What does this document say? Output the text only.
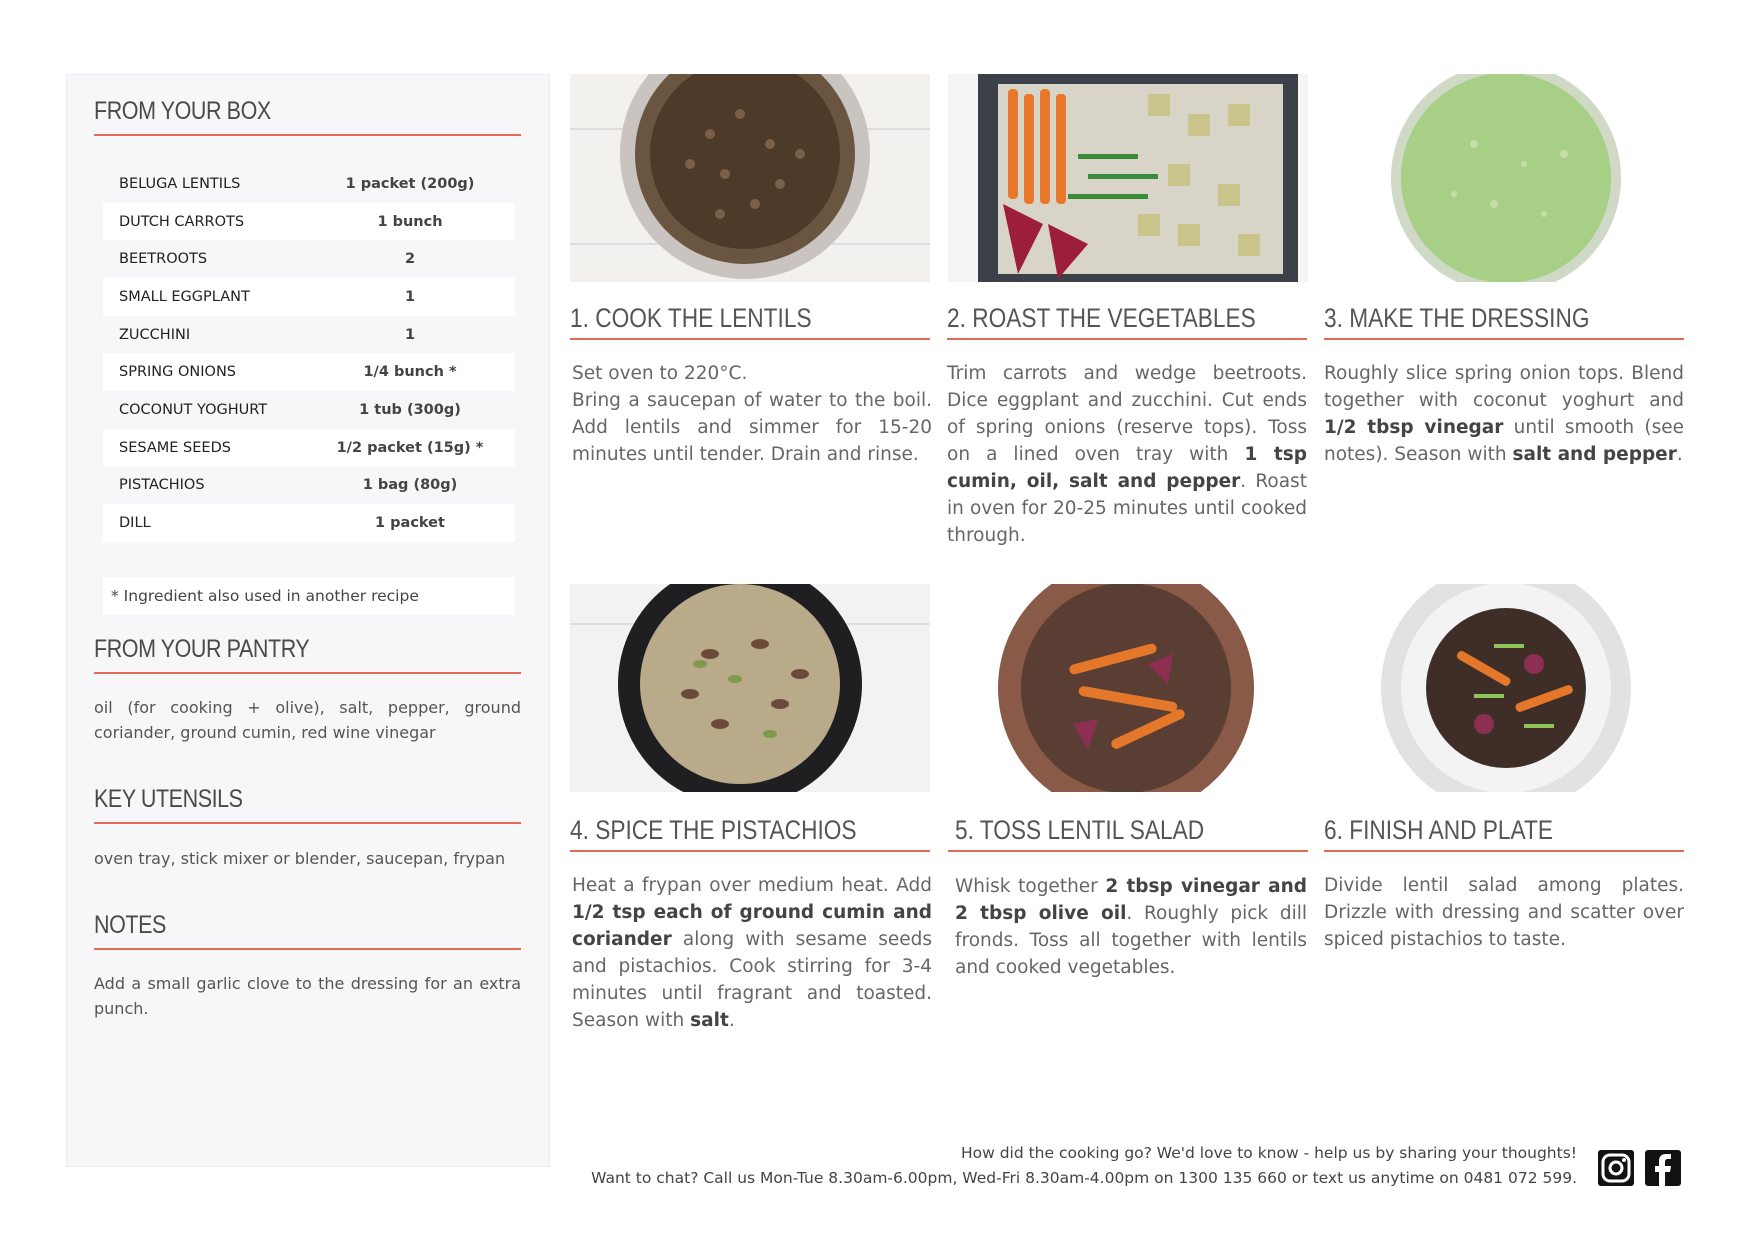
FROM YOUR BOX
BELUGA LENTILS	1 packet (200g)
DUTCH CARROTS	1 bunch
BEETROOTS	2
SMALL EGGPLANT	1
ZUCCHINI	1
SPRING ONIONS	1/4 bunch *
COCONUT YOGHURT	1 tub (300g)
SESAME SEEDS	1/2 packet (15g) *
PISTACHIOS	1 bag (80g)
DILL	1 packet
* Ingredient also used in another recipe
FROM YOUR PANTRY
oil (for cooking + olive), salt, pepper, ground coriander, ground cumin, red wine vinegar
KEY UTENSILS
oven tray, stick mixer or blender, saucepan, frypan
NOTES
Add a small garlic clove to the dressing for an extra punch.
1. COOK THE LENTILS
Set oven to 220°C.
Bring a saucepan of water to the boil. Add lentils and simmer for 15-20 minutes until tender. Drain and rinse.
2. ROAST THE VEGETABLES
Trim carrots and wedge beetroots. Dice eggplant and zucchini. Cut ends of spring onions (reserve tops). Toss on a lined oven tray with 1 tsp cumin, oil, salt and pepper. Roast in oven for 20-25 minutes until cooked through.
3. MAKE THE DRESSING
Roughly slice spring onion tops. Blend together with coconut yoghurt and 1/2 tbsp vinegar until smooth (see notes). Season with salt and pepper.
4. SPICE THE PISTACHIOS
Heat a frypan over medium heat. Add 1/2 tsp each of ground cumin and coriander along with sesame seeds and pistachios. Cook stirring for 3-4 minutes until fragrant and toasted. Season with salt.
5. TOSS LENTIL SALAD
Whisk together 2 tbsp vinegar and 2 tbsp olive oil. Roughly pick dill fronds. Toss all together with lentils and cooked vegetables.
6. FINISH AND PLATE
Divide lentil salad among plates. Drizzle with dressing and scatter over spiced pistachios to taste.
How did the cooking go? We'd love to know - help us by sharing your thoughts!
Want to chat? Call us Mon-Tue 8.30am-6.00pm, Wed-Fri 8.30am-4.00pm on 1300 135 660 or text us anytime on 0481 072 599.
